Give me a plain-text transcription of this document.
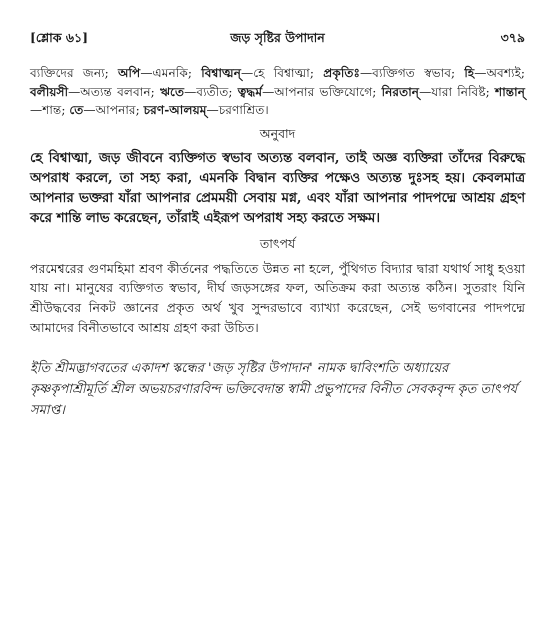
[শ্লোক ৬১]	জড় সৃষ্টির উপাদান	৩৭৯

ব্যক্তিদের জন্য; অপি—এমনকি; বিশ্বাত্মন্—হে বিশ্বাত্মা; প্রকৃতিঃ—ব্যক্তিগত স্বভাব; হি—অবশ্যই; বলীয়সী—অত্যন্ত বলবান; ঋতে—ব্যতীত; ত্বদ্ধর্ম—আপনার ভক্তিযোগে; নিরতান্—যারা নিবিষ্ট; শান্তান্—শান্ত; তে—আপনার; চরণ-আলয়ম্—চরণাশ্রিত।

অনুবাদ

হে বিশ্বাত্মা, জড় জীবনে ব্যক্তিগত স্বভাব অত্যন্ত বলবান, তাই অজ্ঞ ব্যক্তিরা তাঁদের বিরুদ্ধে অপরাধ করলে, তা সহ্য করা, এমনকি বিদ্বান ব্যক্তির পক্ষেও অত্যন্ত দুঃসহ হয়। কেবলমাত্র আপনার ভক্তরা যাঁরা আপনার প্রেমময়ী সেবায় মগ্ন, এবং যাঁরা আপনার পাদপদ্মে আশ্রয় গ্রহণ করে শান্তি লাভ করেছেন, তাঁরাই এইরূপ অপরাধ সহ্য করতে সক্ষম।

তাৎপর্য

পরমেশ্বরের গুণমহিমা শ্রবণ কীর্তনের পদ্ধতিতে উন্নত না হলে, পুঁথিগত বিদ্যার দ্বারা যথার্থ সাধু হওয়া যায় না। মানুষের ব্যক্তিগত স্বভাব, দীর্ঘ জড়সঙ্গের ফল, অতিক্রম করা অত্যন্ত কঠিন। সুতরাং যিনি শ্রীউদ্ধবের নিকট জ্ঞানের প্রকৃত অর্থ খুব সুন্দরভাবে ব্যাখ্যা করেছেন, সেই ভগবানের পাদপদ্মে আমাদের বিনীতভাবে আশ্রয় গ্রহণ করা উচিত।

ইতি শ্রীমদ্ভাগবতের একাদশ স্কন্ধের 'জড় সৃষ্টির উপাদান' নামক দ্বাবিংশতি অধ্যায়ের কৃষ্ণকৃপাশ্রীমূর্তি শ্রীল অভয়চরণারবিন্দ ভক্তিবেদান্ত স্বামী প্রভুপাদের বিনীত সেবকবৃন্দ কৃত তাৎপর্য সমাপ্ত।
